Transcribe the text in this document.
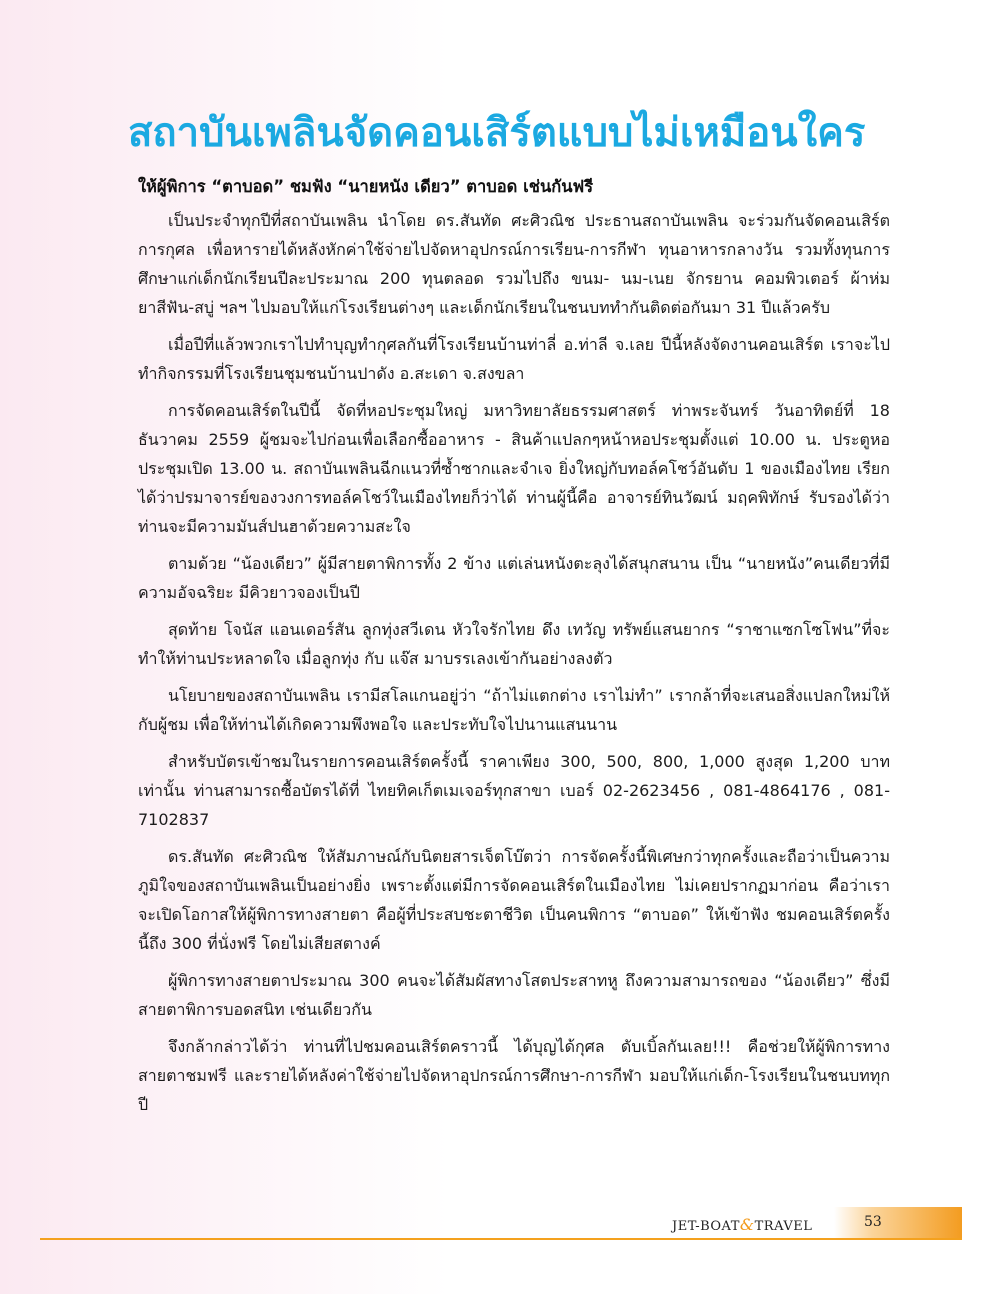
สถาบันเพลินจัดคอนเสิร์ตแบบไม่เหมือนใคร
ให้ผู้พิการ “ตาบอด” ชมฟัง “นายหนัง เดียว” ตาบอด เช่นกันฟรี

เป็นประจำทุกปีที่สถาบันเพลิน นำโดย ดร.สันทัด ศะศิวณิช ประธานสถาบันเพลิน จะร่วมกันจัดคอนเสิร์ตการกุศล เพื่อหารายได้หลังหักค่าใช้จ่ายไปจัดหาอุปกรณ์การเรียน-การกีฬา ทุนอาหารกลางวัน รวมทั้งทุนการศึกษาแก่เด็กนักเรียนปีละประมาณ 200 ทุนตลอด รวมไปถึง ขนม- นม-เนย จักรยาน คอมพิวเตอร์ ผ้าห่ม ยาสีฟัน-สบู่ ฯลฯ ไปมอบให้แก่โรงเรียนต่างๆ และเด็กนักเรียนในชนบททำกันติดต่อกันมา 31 ปีแล้วครับ

เมื่อปีที่แล้วพวกเราไปทำบุญทำกุศลกันที่โรงเรียนบ้านท่าลี่ อ.ท่าลี จ.เลย ปีนี้หลังจัดงานคอนเสิร์ต เราจะไปทำกิจกรรมที่โรงเรียนชุมชนบ้านปาดัง อ.สะเดา จ.สงขลา

การจัดคอนเสิร์ตในปีนี้ จัดที่หอประชุมใหญ่ มหาวิทยาลัยธรรมศาสตร์ ท่าพระจันทร์ วันอาทิตย์ที่ 18 ธันวาคม 2559 ผู้ชมจะไปก่อนเพื่อเลือกซื้ออาหาร - สินค้าแปลกๆหน้าหอประชุมตั้งแต่ 10.00 น. ประตูหอประชุมเปิด 13.00 น. สถาบันเพลินฉีกแนวที่ซ้ำซากและจำเจ ยิ่งใหญ่กับทอล์คโชว์อันดับ 1 ของเมืองไทย เรียกได้ว่าปรมาจารย์ของวงการทอล์คโชว์ในเมืองไทยก็ว่าได้ ท่านผู้นี้คือ อาจารย์ทินวัฒน์ มฤคพิทักษ์ รับรองได้ว่าท่านจะมีความมันส์ปนฮาด้วยความสะใจ

ตามด้วย “น้องเดียว” ผู้มีสายตาพิการทั้ง 2 ข้าง แต่เล่นหนังตะลุงได้สนุกสนาน เป็น “นายหนัง”คนเดียวที่มีความอัจฉริยะ มีคิวยาวจองเป็นปี

สุดท้าย โจนัส แอนเดอร์สัน ลูกทุ่งสวีเดน หัวใจรักไทย ดึง เทวัญ ทรัพย์แสนยากร “ราชาแซกโซโฟน”ที่จะทำให้ท่านประหลาดใจ เมื่อลูกทุ่ง กับ แจ๊ส มาบรรเลงเข้ากันอย่างลงตัว

นโยบายของสถาบันเพลิน เรามีสโลแกนอยู่ว่า “ถ้าไม่แตกต่าง เราไม่ทำ” เรากล้าที่จะเสนอสิ่งแปลกใหม่ให้กับผู้ชม เพื่อให้ท่านได้เกิดความพึงพอใจ และประทับใจไปนานแสนนาน

สำหรับบัตรเข้าชมในรายการคอนเสิร์ตครั้งนี้ ราคาเพียง 300, 500, 800, 1,000 สูงสุด 1,200 บาท เท่านั้น ท่านสามารถซื้อบัตรได้ที่ ไทยทิคเก็ตเมเจอร์ทุกสาขา เบอร์ 02-2623456 , 081-4864176 , 081-7102837

ดร.สันทัด ศะศิวณิช ให้สัมภาษณ์กับนิตยสารเจ็ตโบ๊ตว่า การจัดครั้งนี้พิเศษกว่าทุกครั้งและถือว่าเป็นความภูมิใจของสถาบันเพลินเป็นอย่างยิ่ง เพราะตั้งแต่มีการจัดคอนเสิร์ตในเมืองไทย ไม่เคยปรากฏมาก่อน คือว่าเราจะเปิดโอกาสให้ผู้พิการทางสายตา คือผู้ที่ประสบชะตาชีวิต เป็นคนพิการ “ตาบอด” ให้เข้าฟัง ชมคอนเสิร์ตครั้งนี้ถึง 300 ที่นั่งฟรี โดยไม่เสียสตางค์

ผู้พิการทางสายตาประมาณ 300 คนจะได้สัมผัสทางโสตประสาทหู ถึงความสามารถของ “น้องเดียว” ซึ่งมีสายตาพิการบอดสนิท เช่นเดียวกัน

จึงกล้ากล่าวได้ว่า ท่านที่ไปชมคอนเสิร์ตคราวนี้ ได้บุญได้กุศล ดับเบิ้ลกันเลย!!! คือช่วยให้ผู้พิการทางสายตาชมฟรี และรายได้หลังค่าใช้จ่ายไปจัดหาอุปกรณ์การศึกษา-การกีฬา มอบให้แก่เด็ก-โรงเรียนในชนบททุกปี

JET-BOAT&TRAVEL	53
